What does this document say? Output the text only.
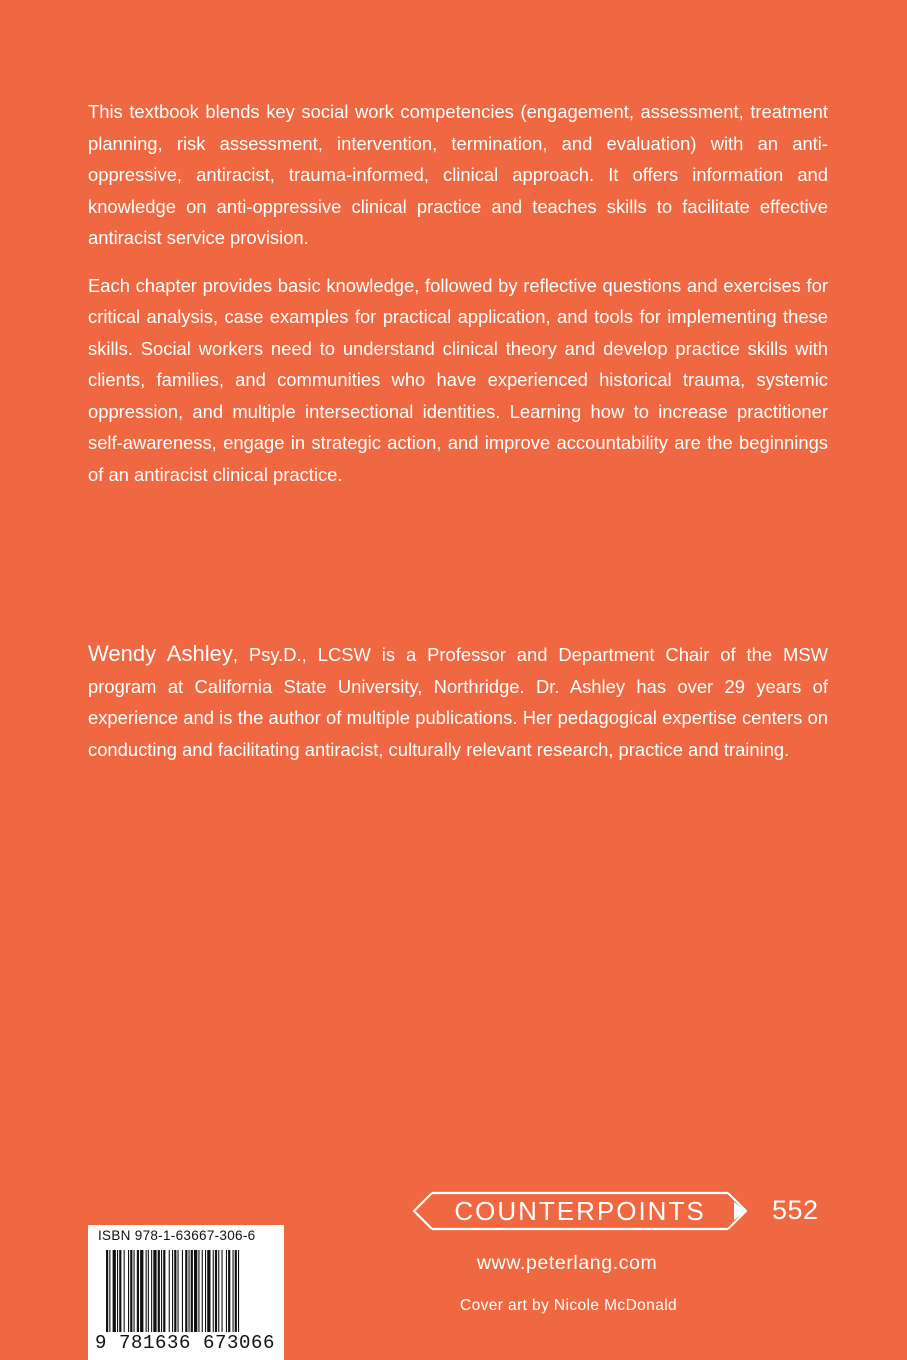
This textbook blends key social work competencies (engagement, assessment, treatment planning, risk assessment, intervention, termination, and evaluation) with an anti-oppressive, antiracist, trauma-informed, clinical approach. It offers information and knowledge on anti-oppressive clinical practice and teaches skills to facilitate effective antiracist service provision.

Each chapter provides basic knowledge, followed by reflective questions and exercises for critical analysis, case examples for practical application, and tools for implementing these skills. Social workers need to understand clinical theory and develop practice skills with clients, families, and communities who have experienced historical trauma, systemic oppression, and multiple intersectional identities. Learning how to increase practitioner self-awareness, engage in strategic action, and improve accountability are the beginnings of an antiracist clinical practice.

Wendy Ashley, Psy.D., LCSW is a Professor and Department Chair of the MSW program at California State University, Northridge. Dr. Ashley has over 29 years of experience and is the author of multiple publications. Her pedagogical expertise centers on conducting and facilitating antiracist, culturally relevant research, practice and training.

ISBN 978-1-63667-306-6
9 781636 673066
COUNTERPOINTS 552
www.peterlang.com
Cover art by Nicole McDonald
